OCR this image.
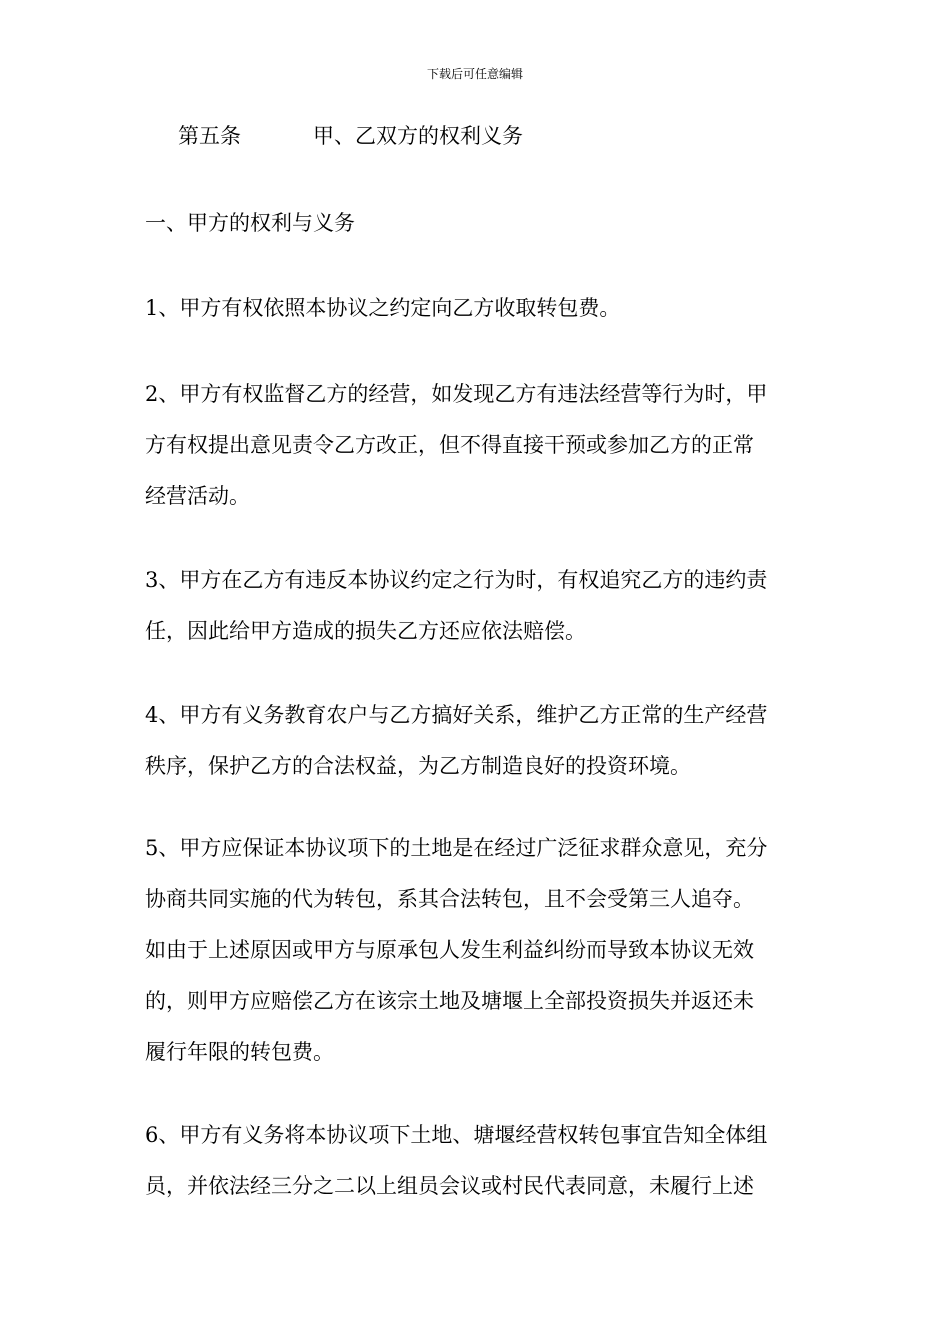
下载后可任意编辑
第五条	甲、乙双方的权利义务
一、甲方的权利与义务
1、甲方有权依照本协议之约定向乙方收取转包费。
2、甲方有权监督乙方的经营，如发现乙方有违法经营等行为时，甲
方有权提出意见责令乙方改正，但不得直接干预或参加乙方的正常
经营活动。
3、甲方在乙方有违反本协议约定之行为时，有权追究乙方的违约责
任，因此给甲方造成的损失乙方还应依法赔偿。
4、甲方有义务教育农户与乙方搞好关系，维护乙方正常的生产经营
秩序，保护乙方的合法权益，为乙方制造良好的投资环境。
5、甲方应保证本协议项下的土地是在经过广泛征求群众意见，充分
协商共同实施的代为转包，系其合法转包，且不会受第三人追夺。
如由于上述原因或甲方与原承包人发生利益纠纷而导致本协议无效
的，则甲方应赔偿乙方在该宗土地及塘堰上全部投资损失并返还未
履行年限的转包费。
6、甲方有义务将本协议项下土地、塘堰经营权转包事宜告知全体组
员，并依法经三分之二以上组员会议或村民代表同意，未履行上述
